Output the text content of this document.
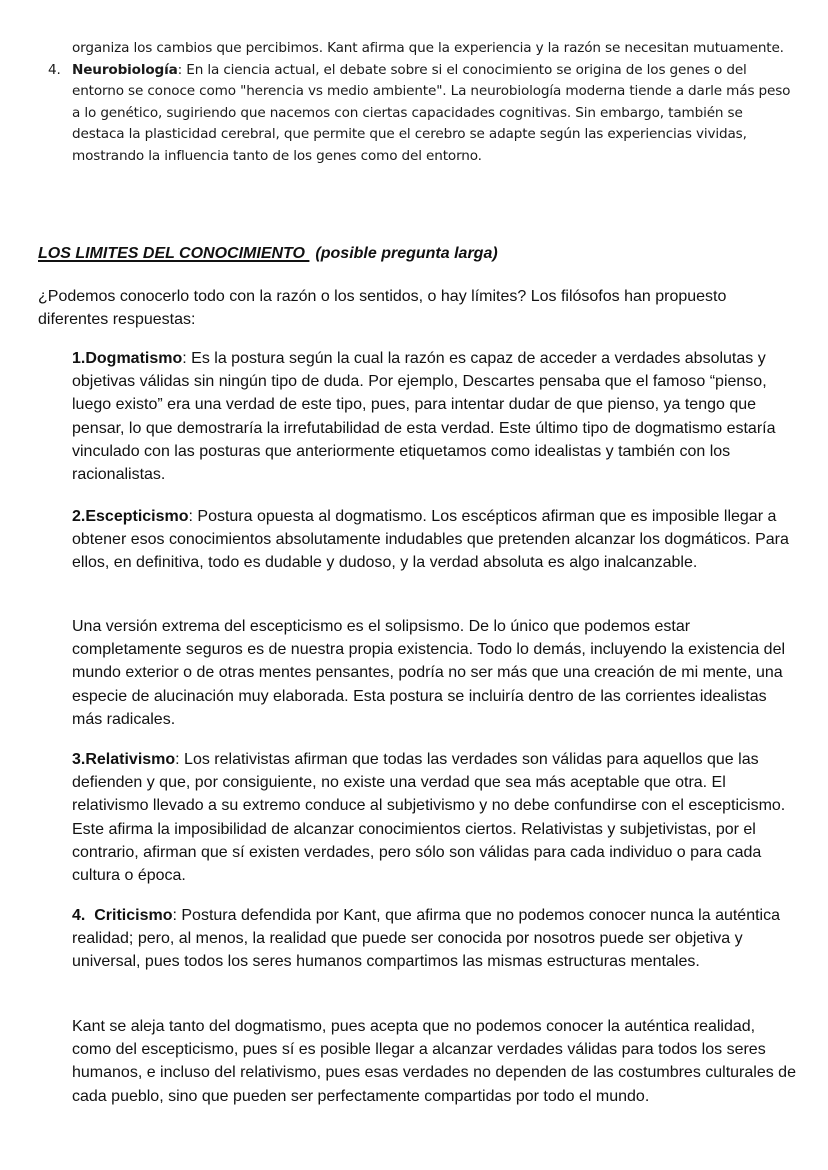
organiza los cambios que percibimos. Kant afirma que la experiencia y la razón se necesitan mutuamente.
4. Neurobiología: En la ciencia actual, el debate sobre si el conocimiento se origina de los genes o del entorno se conoce como "herencia vs medio ambiente". La neurobiología moderna tiende a darle más peso a lo genético, sugiriendo que nacemos con ciertas capacidades cognitivas. Sin embargo, también se destaca la plasticidad cerebral, que permite que el cerebro se adapte según las experiencias vividas, mostrando la influencia tanto de los genes como del entorno.
LOS LIMITES DEL CONOCIMIENTO (posible pregunta larga)
¿Podemos conocerlo todo con la razón o los sentidos, o hay límites? Los filósofos han propuesto diferentes respuestas:
1.Dogmatismo: Es la postura según la cual la razón es capaz de acceder a verdades absolutas y objetivas válidas sin ningún tipo de duda. Por ejemplo, Descartes pensaba que el famoso “pienso, luego existo” era una verdad de este tipo, pues, para intentar dudar de que pienso, ya tengo que pensar, lo que demostraría la irrefutabilidad de esta verdad. Este último tipo de dogmatismo estaría vinculado con las posturas que anteriormente etiquetamos como idealistas y también con los racionalistas.
2.Escepticismo: Postura opuesta al dogmatismo. Los escépticos afirman que es imposible llegar a obtener esos conocimientos absolutamente indudables que pretenden alcanzar los dogmáticos. Para ellos, en definitiva, todo es dudable y dudoso, y la verdad absoluta es algo inalcanzable.
Una versión extrema del escepticismo es el solipsismo. De lo único que podemos estar completamente seguros es de nuestra propia existencia. Todo lo demás, incluyendo la existencia del mundo exterior o de otras mentes pensantes, podría no ser más que una creación de mi mente, una especie de alucinación muy elaborada. Esta postura se incluiría dentro de las corrientes idealistas más radicales.
3.Relativismo: Los relativistas afirman que todas las verdades son válidas para aquellos que las defienden y que, por consiguiente, no existe una verdad que sea más aceptable que otra. El relativismo llevado a su extremo conduce al subjetivismo y no debe confundirse con el escepticismo. Este afirma la imposibilidad de alcanzar conocimientos ciertos. Relativistas y subjetivistas, por el contrario, afirman que sí existen verdades, pero sólo son válidas para cada individuo o para cada cultura o época.
4.  Criticismo: Postura defendida por Kant, que afirma que no podemos conocer nunca la auténtica realidad; pero, al menos, la realidad que puede ser conocida por nosotros puede ser objetiva y universal, pues todos los seres humanos compartimos las mismas estructuras mentales.
Kant se aleja tanto del dogmatismo, pues acepta que no podemos conocer la auténtica realidad, como del escepticismo, pues sí es posible llegar a alcanzar verdades válidas para todos los seres humanos, e incluso del relativismo, pues esas verdades no dependen de las costumbres culturales de cada pueblo, sino que pueden ser perfectamente compartidas por todo el mundo.
